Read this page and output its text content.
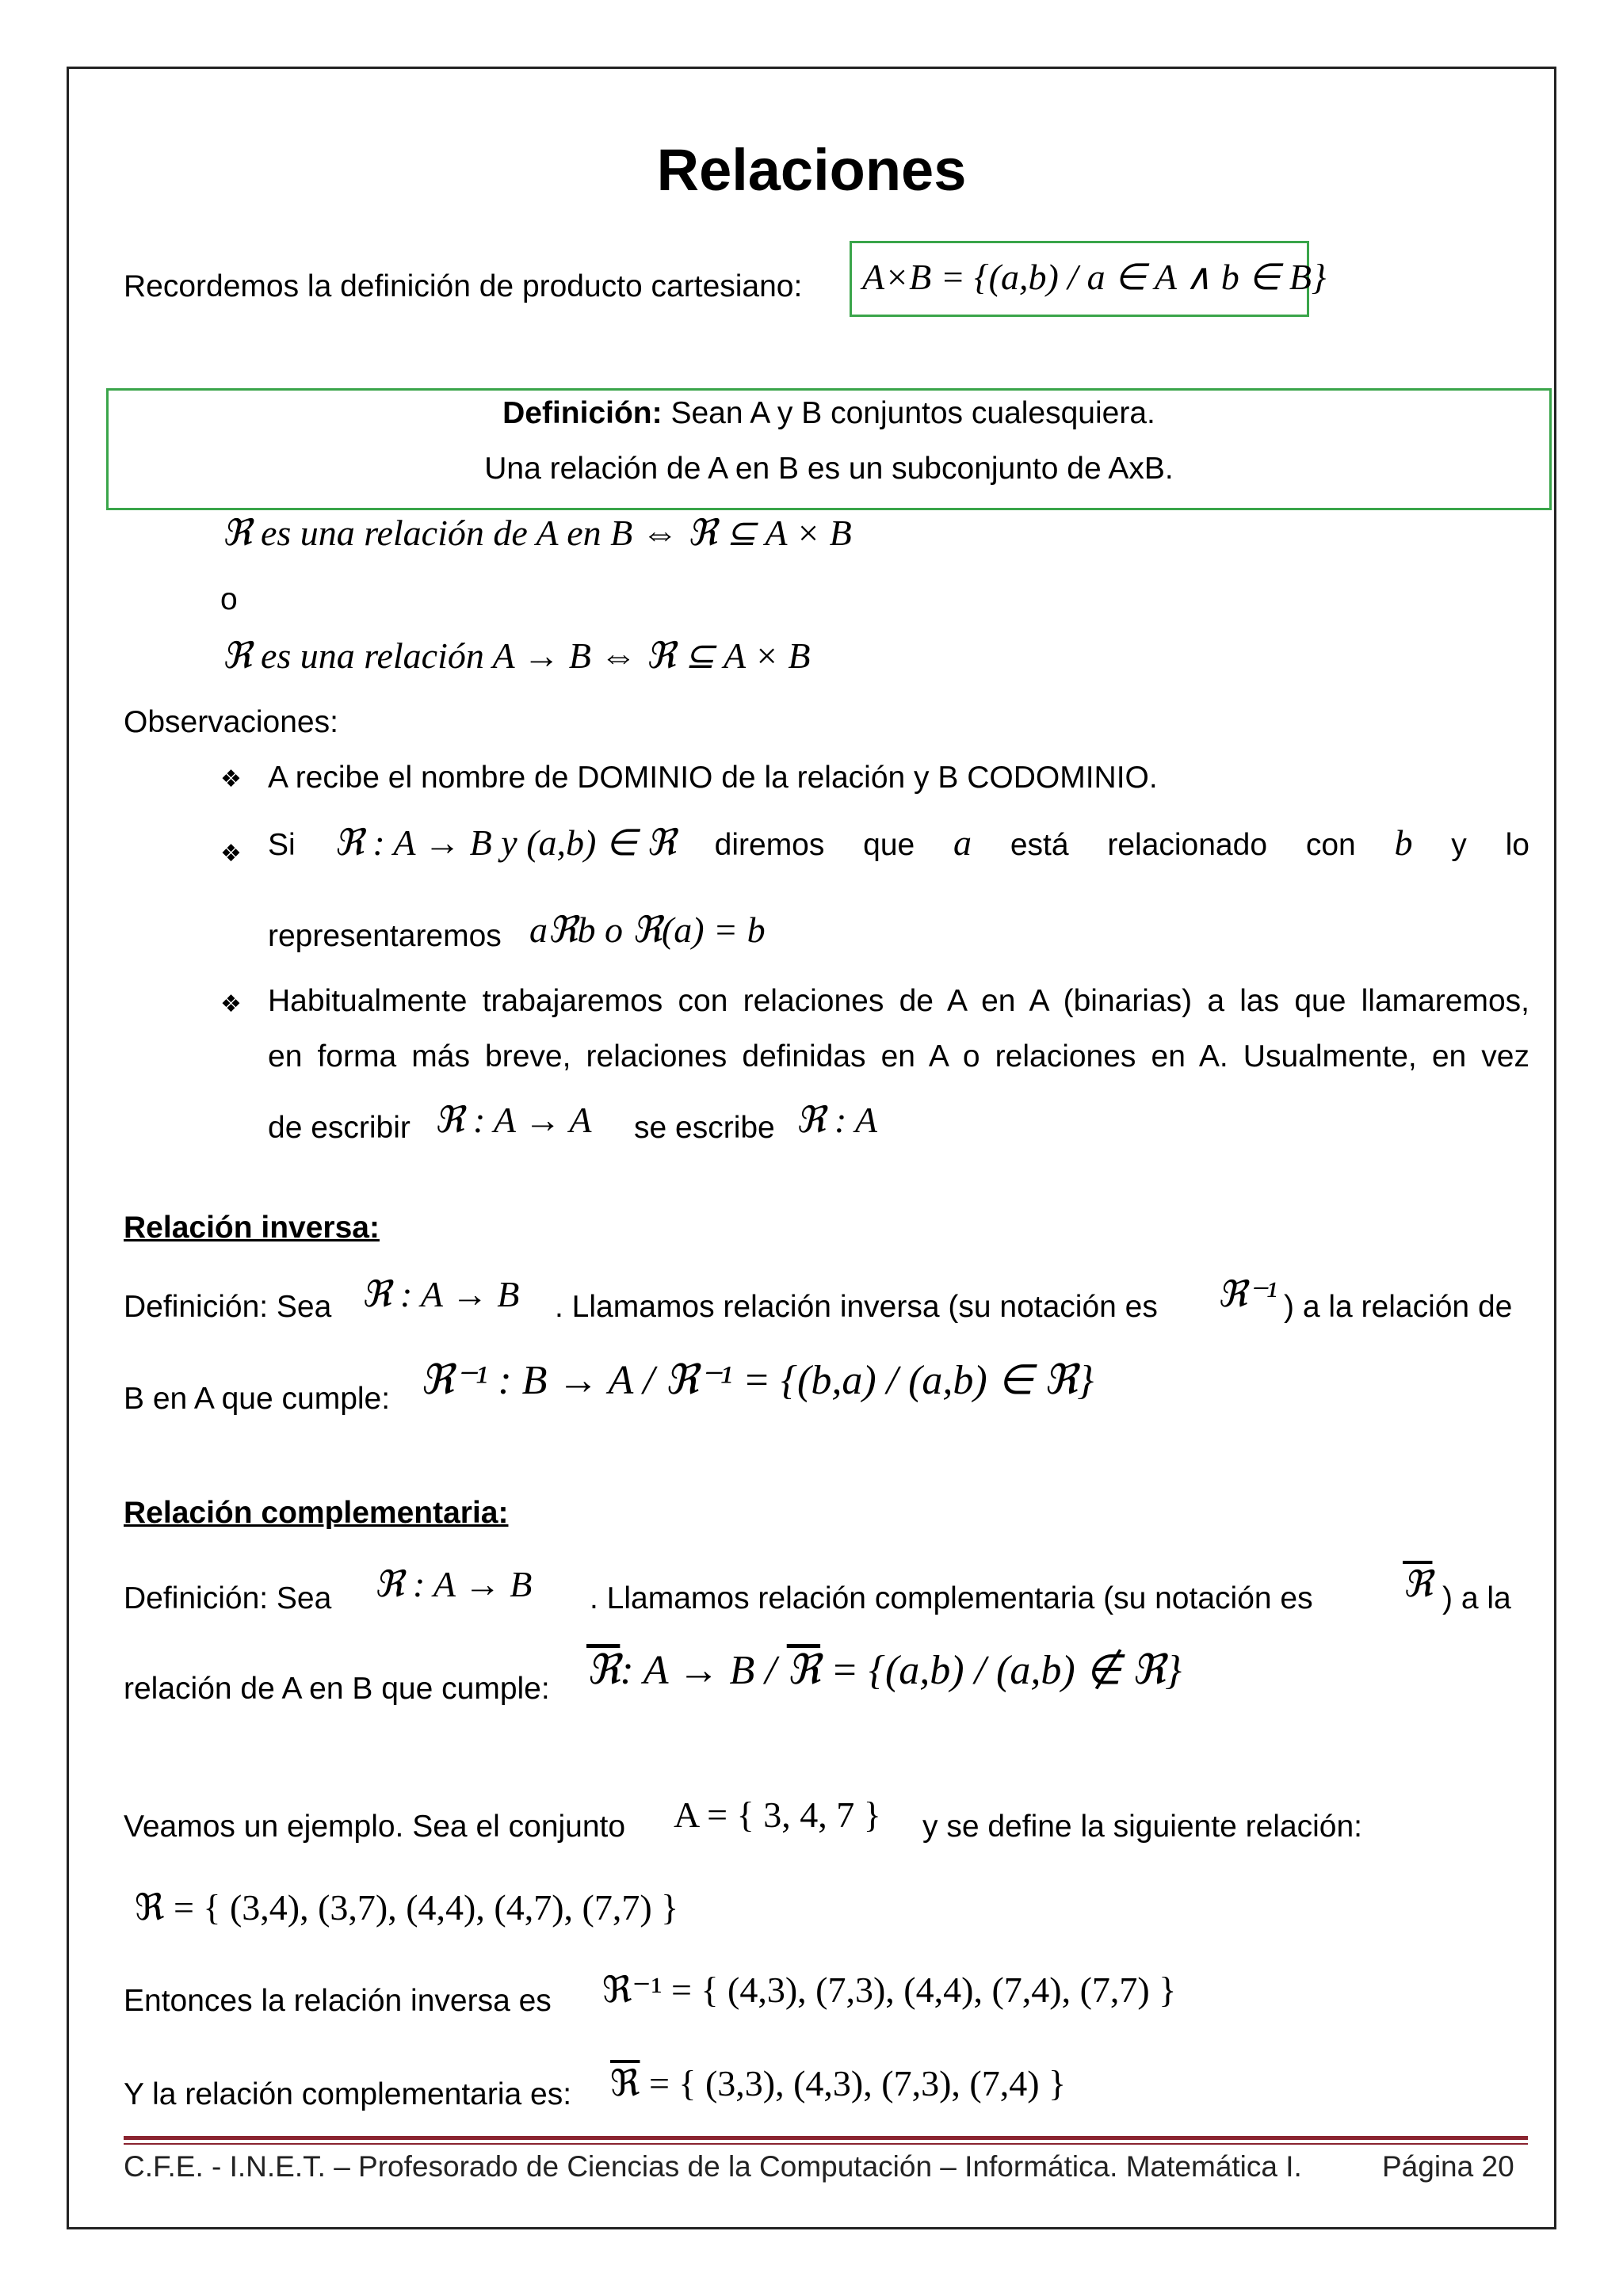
Relaciones
Recordemos la definición de producto cartesiano: A×B = {(a,b) / a ∈ A ∧ b ∈ B}
Definición: Sean A y B conjuntos cualesquiera.
Una relación de A en B es un subconjunto de AxB.
ℜ es una relación de A en B ⇔ ℜ ⊆ A × B
o
ℜ es una relación A → B ⇔ ℜ ⊆ A × B
Observaciones:
❖ A recibe el nombre de DOMINIO de la relación y B CODOMINIO.
❖ Si ℜ : A → B y (a,b) ∈ ℜ diremos que a está relacionado con b y lo
representaremos aℜb o ℜ(a) = b
❖ Habitualmente trabajaremos con relaciones de A en A (binarias) a las que llamaremos,
en forma más breve, relaciones definidas en A o relaciones en A. Usualmente, en vez
de escribir ℜ : A → A se escribe ℜ : A
Relación inversa:
Definición: Sea ℜ : A → B . Llamamos relación inversa (su notación es ℜ⁻¹ ) a la relación de
B en A que cumple: ℜ⁻¹ : B → A / ℜ⁻¹ = {(b,a) / (a,b) ∈ ℜ}
Relación complementaria:
Definición: Sea ℜ : A → B . Llamamos relación complementaria (su notación es ℜ ) a la
relación de A en B que cumple: ℜ: A → B / ℜ = {(a,b) / (a,b) ∉ ℜ}
Veamos un ejemplo. Sea el conjunto A = { 3, 4, 7 } y se define la siguiente relación:
ℜ = { (3,4), (3,7), (4,4), (4,7), (7,7) }
Entonces la relación inversa es ℜ⁻¹ = { (4,3), (7,3), (4,4), (7,4), (7,7) }
Y la relación complementaria es: ℜ = { (3,3), (4,3), (7,3), (7,4) }
C.F.E. - I.N.E.T. – Profesorado de Ciencias de la Computación – Informática. Matemática I.	Página 20
